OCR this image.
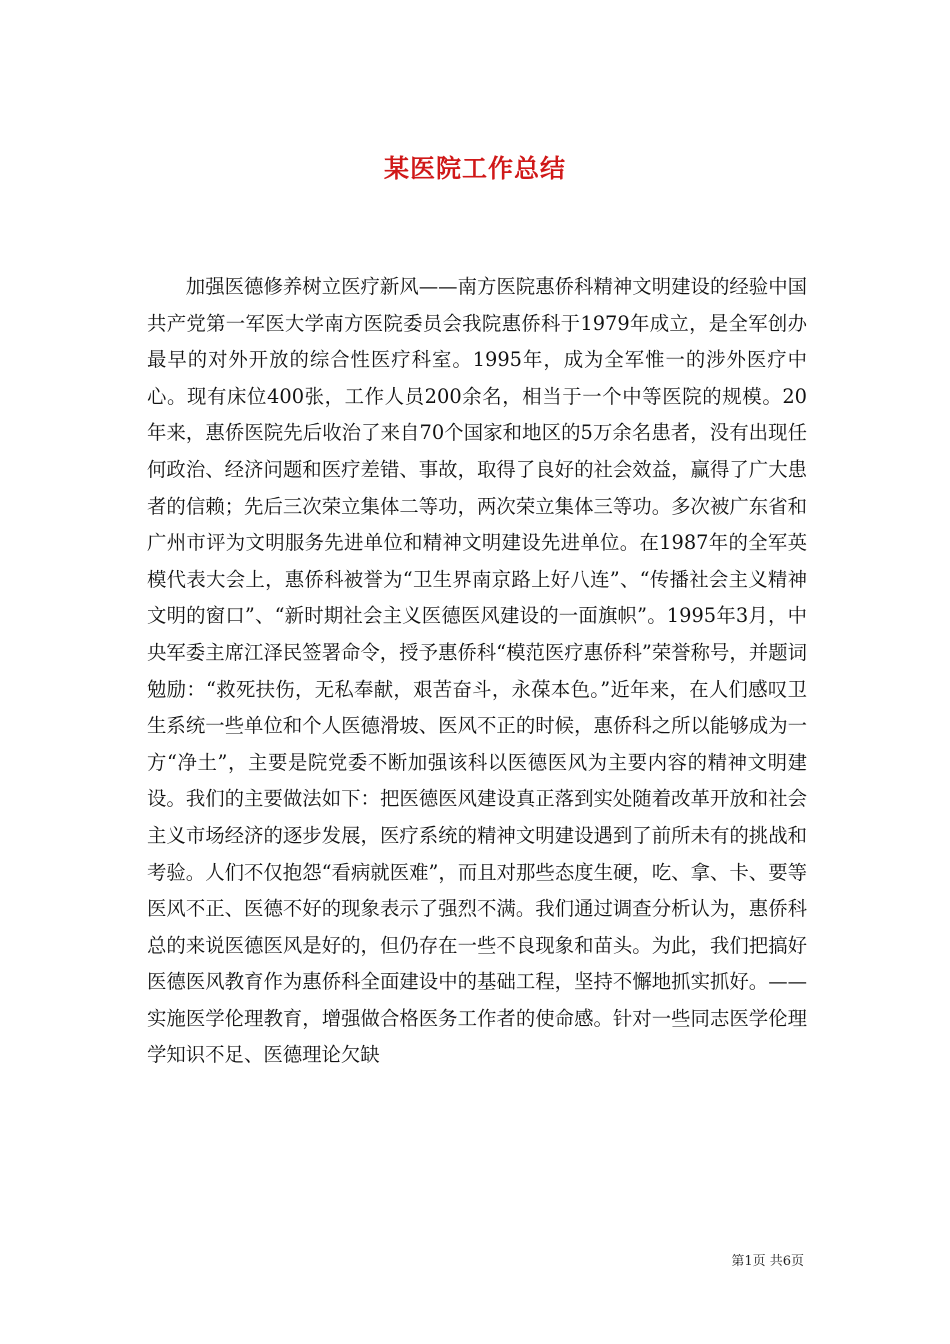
某医院工作总结

加强医德修养树立医疗新风——南方医院惠侨科精神文明建设的经验中国共产党第一军医大学南方医院委员会我院惠侨科于1979年成立，是全军创办最早的对外开放的综合性医疗科室。1995年，成为全军惟一的涉外医疗中心。现有床位400张，工作人员200余名，相当于一个中等医院的规模。20年来，惠侨医院先后收治了来自70个国家和地区的5万余名患者，没有出现任何政治、经济问题和医疗差错、事故，取得了良好的社会效益，赢得了广大患者的信赖；先后三次荣立集体二等功，两次荣立集体三等功。多次被广东省和广州市评为文明服务先进单位和精神文明建设先进单位。在1987年的全军英模代表大会上，惠侨科被誉为“卫生界南京路上好八连”、“传播社会主义精神文明的窗口”、“新时期社会主义医德医风建设的一面旗帜”。1995年3月，中央军委主席江泽民签署命令，授予惠侨科“模范医疗惠侨科”荣誉称号，并题词勉励：“救死扶伤，无私奉献，艰苦奋斗，永葆本色。”近年来，在人们感叹卫生系统一些单位和个人医德滑坡、医风不正的时候，惠侨科之所以能够成为一方“净土”，主要是院党委不断加强该科以医德医风为主要内容的精神文明建设。我们的主要做法如下：把医德医风建设真正落到实处随着改革开放和社会主义市场经济的逐步发展，医疗系统的精神文明建设遇到了前所未有的挑战和考验。人们不仅抱怨“看病就医难”，而且对那些态度生硬，吃、拿、卡、要等医风不正、医德不好的现象表示了强烈不满。我们通过调查分析认为，惠侨科总的来说医德医风是好的，但仍存在一些不良现象和苗头。为此，我们把搞好医德医风教育作为惠侨科全面建设中的基础工程，坚持不懈地抓实抓好。——实施医学伦理教育，增强做合格医务工作者的使命感。针对一些同志医学伦理学知识不足、医德理论欠缺

第1页 共6页
